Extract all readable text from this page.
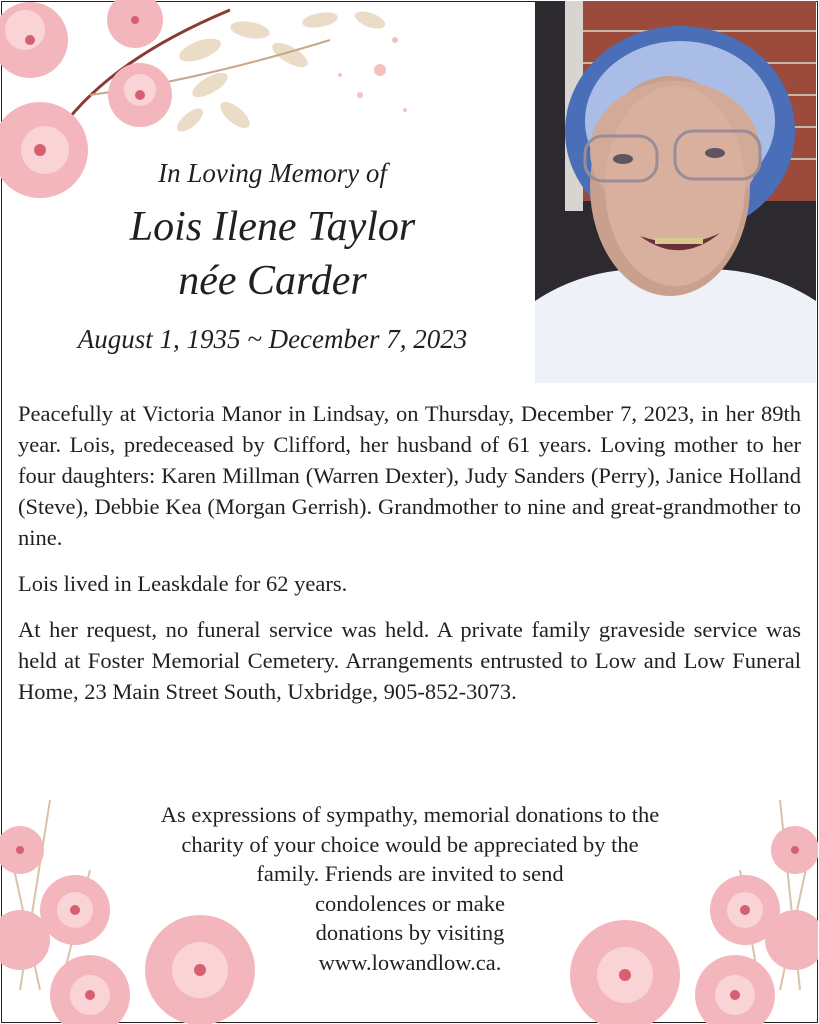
In Loving Memory of
Lois Ilene Taylor
née Carder
August 1, 1935 ~ December 7, 2023

Peacefully at Victoria Manor in Lindsay, on Thursday, December 7, 2023, in her 89th year. Lois, predeceased by Clifford, her husband of 61 years. Loving mother to her four daughters: Karen Millman (Warren Dexter), Judy Sanders (Perry), Janice Holland (Steve), Debbie Kea (Morgan Gerrish). Grandmother to nine and great-grandmother to nine.

Lois lived in Leaskdale for 62 years.

At her request, no funeral service was held. A private family graveside service was held at Foster Memorial Cemetery. Arrangements entrusted to Low and Low Funeral Home, 23 Main Street South, Uxbridge, 905-852-3073.

As expressions of sympathy, memorial donations to the
charity of your choice would be appreciated by the
family. Friends are invited to send
condolences or make
donations by visiting
www.lowandlow.ca.
